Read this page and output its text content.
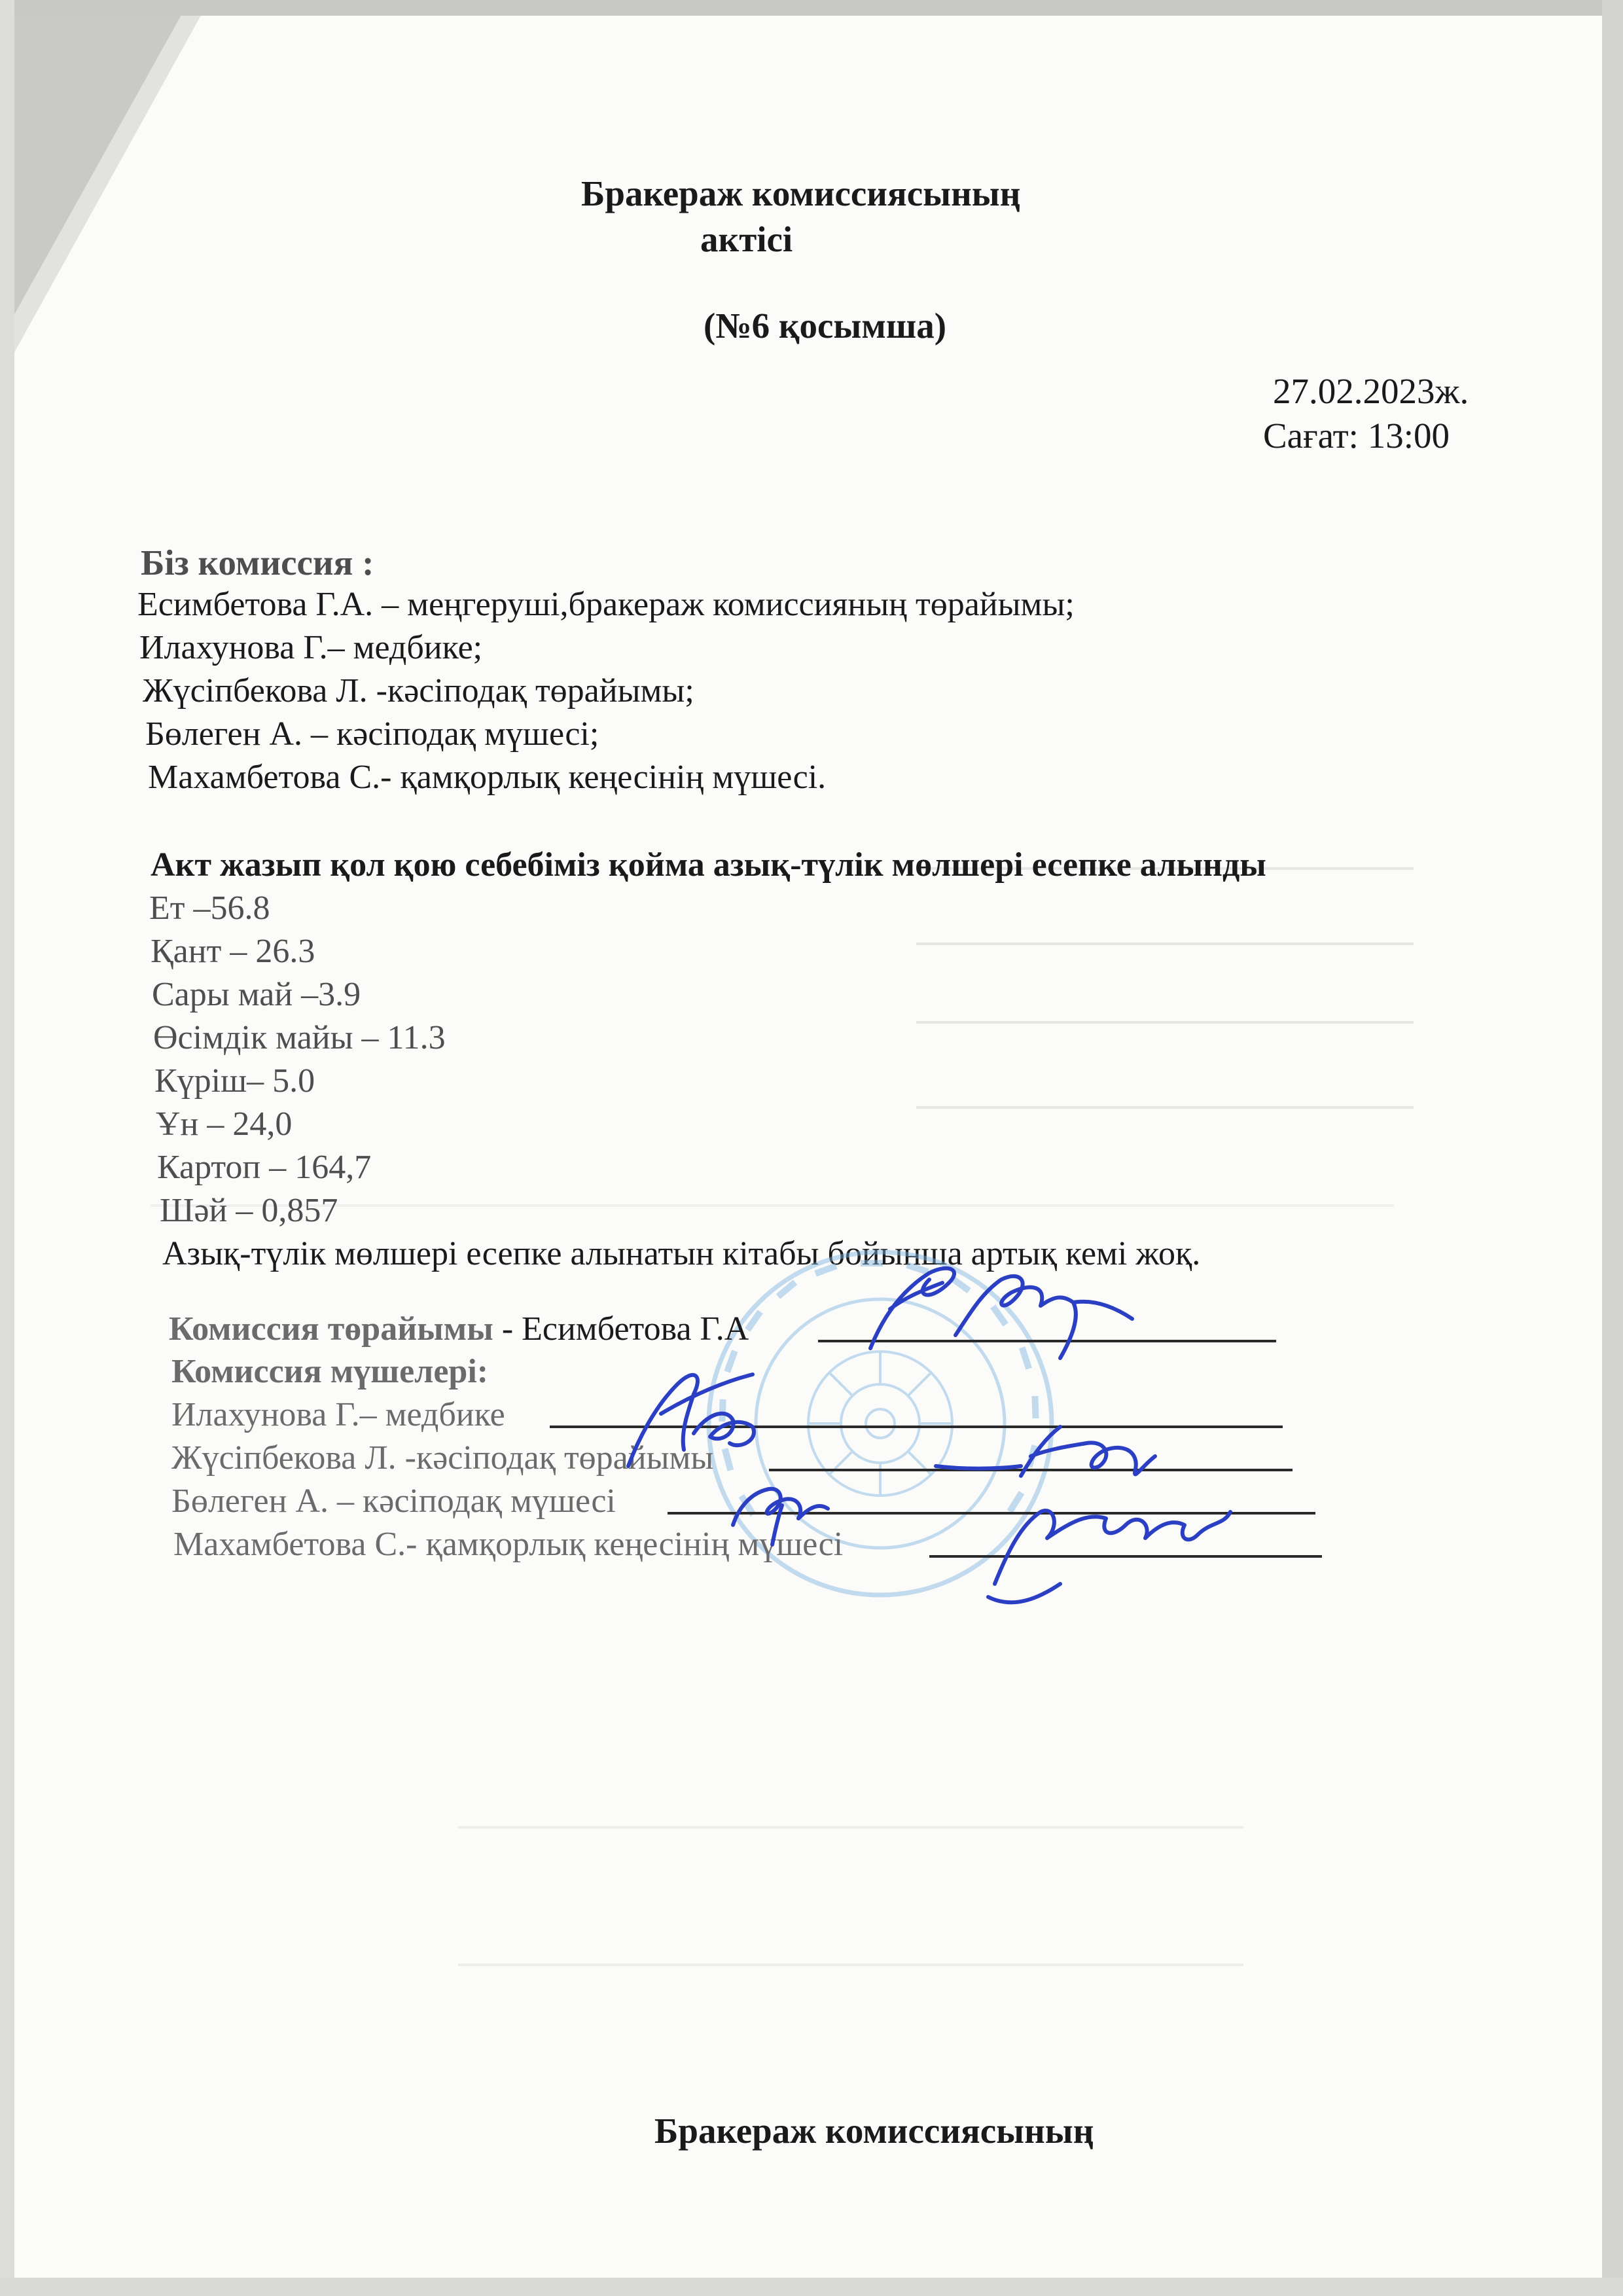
Бракераж комиссиясының
актісі
(№6 қосымша)
27.02.2023ж.
Сағат: 13:00
Біз комиссия :
Есимбетова Г.А. – меңгеруші,бракераж комиссияның төрайымы;
Илахунова Г.– медбике;
Жүсіпбекова Л. -кәсіподақ төрайымы;
Бөлеген А. – кәсіподақ мүшесі;
Махамбетова С.- қамқорлық кеңесінің мүшесі.
Акт жазып қол қою себебіміз қойма азық-түлік мөлшері есепке алынды
Ет –56.8
Қант – 26.3
Сары май –3.9
Өсімдік майы – 11.3
Күріш– 5.0
Ұн – 24,0
Картоп – 164,7
Шәй – 0,857
Азық-түлік мөлшері есепке алынатын кітабы бойынша артық кемі жоқ.
Комиссия төрайымы - Есимбетова Г.А
Комиссия мүшелері:
Илахунова Г.– медбике
Жүсіпбекова Л. -кәсіподақ төрайымы
Бөлеген А. – кәсіподақ мүшесі
Махамбетова С.- қамқорлық кеңесінің мүшесі
Бракераж комиссиясының
